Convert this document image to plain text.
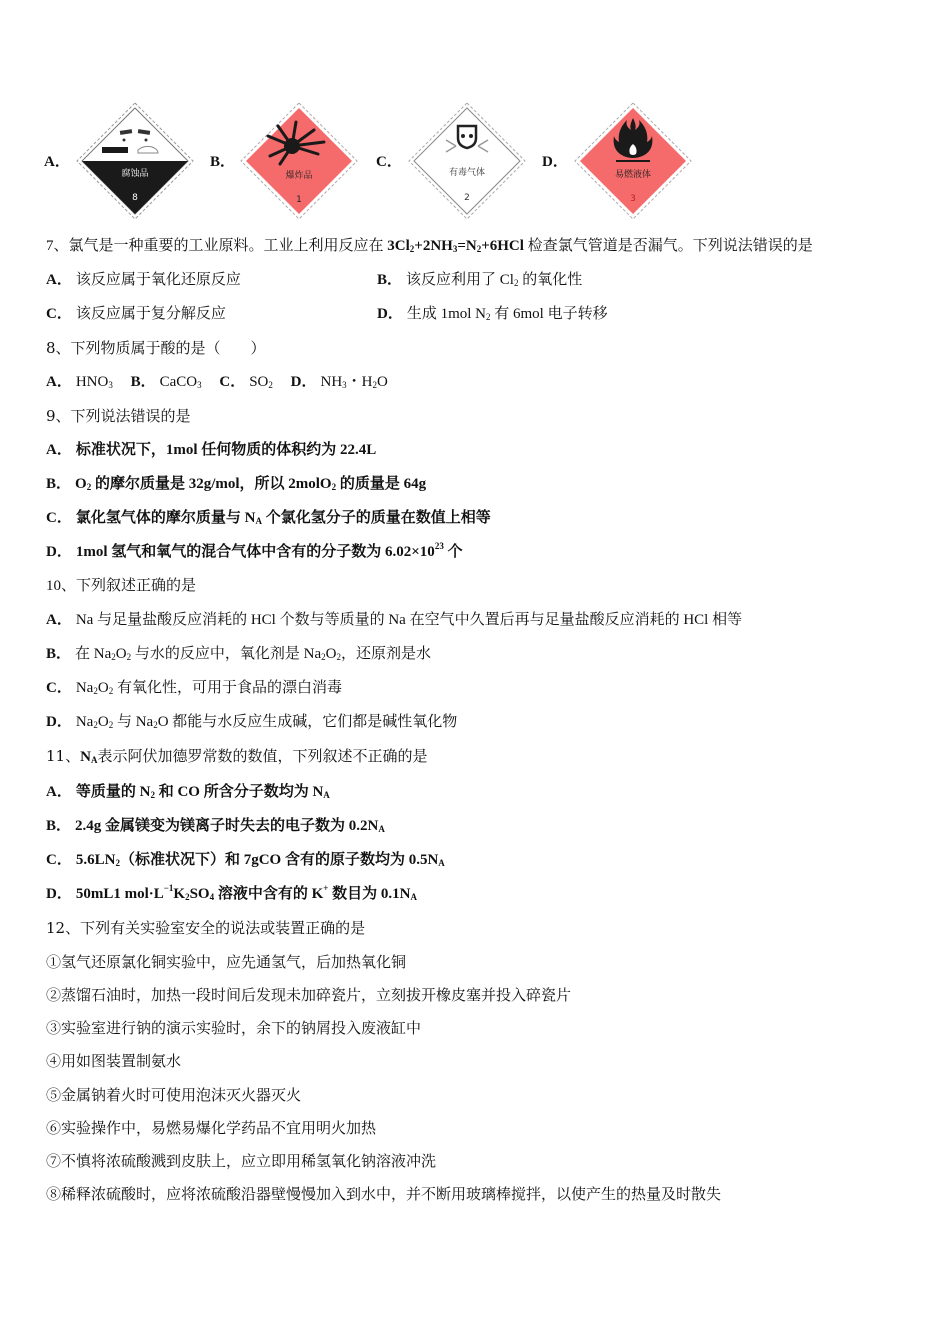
A．
腐蚀品
8
B．
爆炸品
1
C．
有毒气体
2
D．
易燃液体
3
7、氯气是一种重要的工业原料。工业上利用反应在 $3Cl_2+2NH_3=N_2+6HCl$ 检查氯气管道是否漏气。下列说法错误的是
A． 该反应属于氧化还原反应	B． 该反应利用了 $Cl_2$ 的氧化性
C． 该反应属于复分解反应	D． 生成 1mol $N_2$ 有 6mol 电子转移
8、下列物质属于酸的是（　　）
A． $HNO_3$ B． CaCO$_3$ C． $SO_2$ D． $NH_3$・$H_2O$
9、下列说法错误的是
A． 标准状况下，1mol 任何物质的体积约为 22.4L
B． $O_2$ 的摩尔质量是 32g/mol，所以 2molO$_2$ 的质量是 64g
C． 氯化氢气体的摩尔质量与 $N_A$ 个氯化氢分子的质量在数值上相等
D． 1mol 氢气和氧气的混合气体中含有的分子数为 $6.02\times 10^{23}$ 个
10、下列叙述正确的是
A． Na 与足量盐酸反应消耗的 HCl 个数与等质量的 Na 在空气中久置后再与足量盐酸反应消耗的 HCl 相等
B． 在 $Na_2O_2$ 与水的反应中，氧化剂是 $Na_2O_2$，还原剂是水
C． $Na_2O_2$ 有氧化性，可用于食品的漂白消毒
D． $Na_2O_2$ 与 $Na_2O$ 都能与水反应生成碱，它们都是碱性氧化物
11、$N_A$表示阿伏加德罗常数的数值，下列叙述不正确的是
A． 等质量的 $N_2$ 和 CO 所含分子数均为 $N_A$
B． 2.4g 金属镁变为镁离子时失去的电子数为 $0.2N_A$
C． $5.6LN_2$（标准状况下）和 7gCO 含有的原子数均为 $0.5N_A$
D． 50mL1 $mol\cdot L^{-1}K_2SO_4$ 溶液中含有的 K+ 数目为 $0.1N_A$
12、下列有关实验室安全的说法或装置正确的是
①氢气还原氯化铜实验中，应先通氢气，后加热氧化铜
②蒸馏石油时，加热一段时间后发现未加碎瓷片，立刻拔开橡皮塞并投入碎瓷片
③实验室进行钠的演示实验时，余下的钠屑投入废液缸中
④用如图装置制氨水
⑤金属钠着火时可使用泡沫灭火器灭火
⑥实验操作中，易燃易爆化学药品不宜用明火加热
⑦不慎将浓硫酸溅到皮肤上，应立即用稀氢氧化钠溶液冲洗
⑧稀释浓硫酸时，应将浓硫酸沿器壁慢慢加入到水中，并不断用玻璃棒搅拌，以使产生的热量及时散失
